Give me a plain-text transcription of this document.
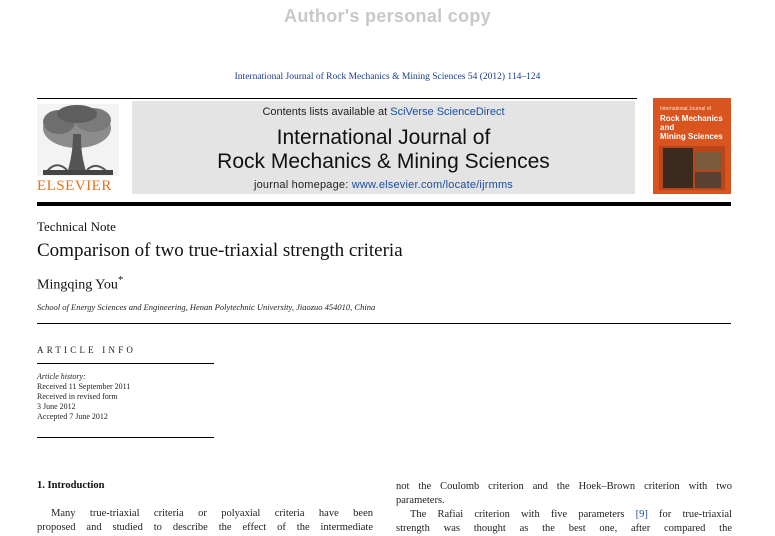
Author's personal copy
International Journal of Rock Mechanics & Mining Sciences 54 (2012) 114–124
ELSEVIER
Contents lists available at SciVerse ScienceDirect
International Journal of
Rock Mechanics & Mining Sciences
journal homepage: www.elsevier.com/locate/ijrmms
International Journal of
Rock Mechanics
and
Mining Sciences
Technical Note
Comparison of two true-triaxial strength criteria
Mingqing You*
School of Energy Sciences and Engineering, Henan Polytechnic University, Jiaozuo 454010, China
ARTICLE INFO
Article history:
Received 11 September 2011
Received in revised form
3 June 2012
Accepted 7 June 2012
1. Introduction
Many true-triaxial criteria or polyaxial criteria have been
proposed and studied to describe the effect of the intermediate
not the Coulomb criterion and the Hoek–Brown criterion with two
parameters.
The Rafiai criterion with five parameters [9] for true-triaxial
strength was thought as the best one, after compared the
